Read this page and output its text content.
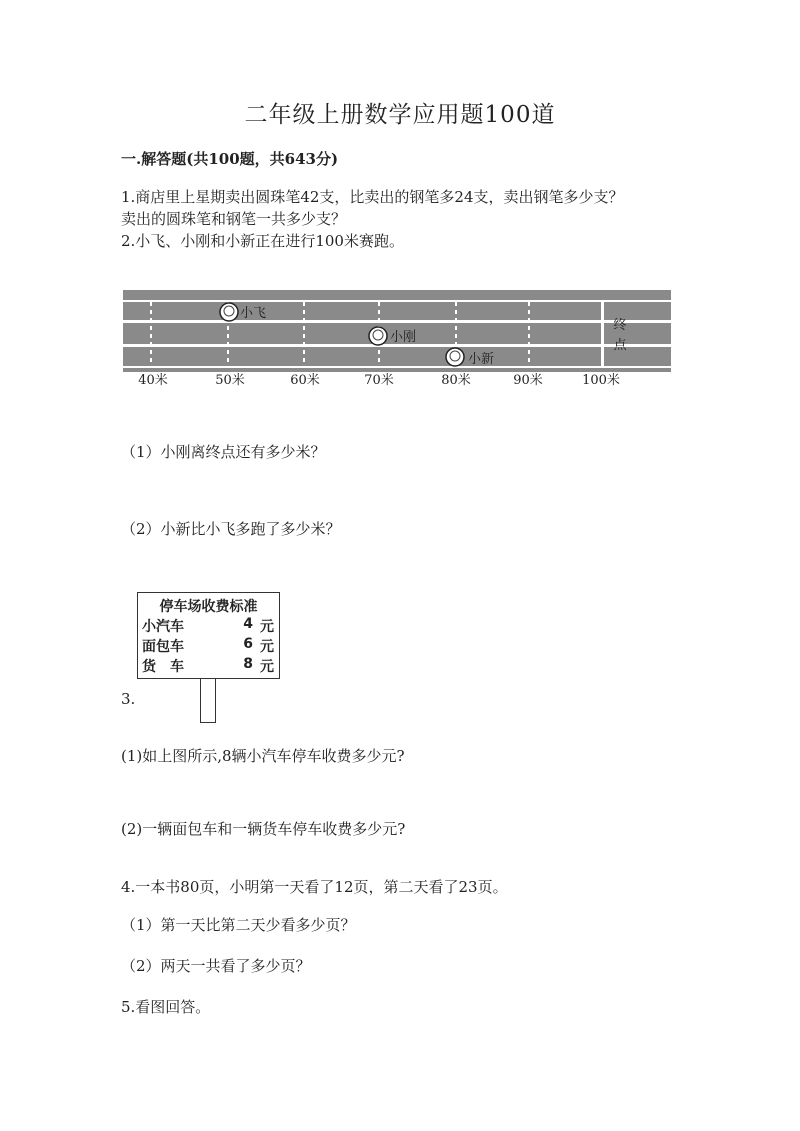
二年级上册数学应用题100道
一.解答题(共100题，共643分)
1.商店里上星期卖出圆珠笔42支，比卖出的钢笔多24支，卖出钢笔多少支？
卖出的圆珠笔和钢笔一共多少支？
2.小飞、小刚和小新正在进行100米赛跑。
终
点
小飞
小刚
小新
40米	50米	60米	70米	80米	90米	100米
（1）小刚离终点还有多少米？
（2）小新比小飞多跑了多少米？
停车场收费标准
小汽车	4 元
面包车	6 元
货　车	8 元
3.
(1)如上图所示,8辆小汽车停车收费多少元?
(2)一辆面包车和一辆货车停车收费多少元?
4.一本书80页，小明第一天看了12页，第二天看了23页。
（1）第一天比第二天少看多少页？
（2）两天一共看了多少页？
5.看图回答。
